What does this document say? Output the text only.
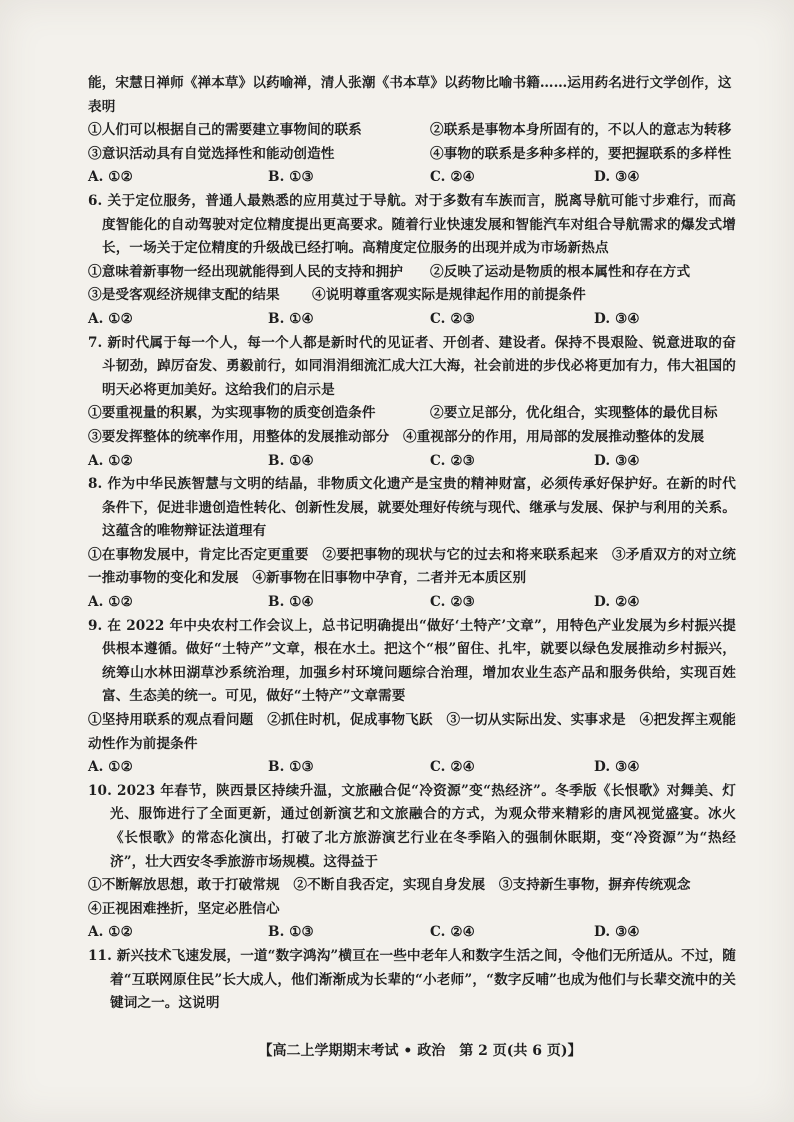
能，宋慧日禅师《禅本草》以药喻禅，清人张潮《书本草》以药物比喻书籍……运用药名进行文学创作，这
表明
①人们可以根据自己的需要建立事物间的联系	②联系是事物本身所固有的，不以人的意志为转移
③意识活动具有自觉选择性和能动创造性	④事物的联系是多种多样的，要把握联系的多样性
A. ①②	B. ①③	C. ②④	D. ③④
6. 关于定位服务，普通人最熟悉的应用莫过于导航。对于多数有车族而言，脱离导航可能寸步难行，而高度智能化的自动驾驶对定位精度提出更高要求。随着行业快速发展和智能汽车对组合导航需求的爆发式增长，一场关于定位精度的升级战已经打响。高精度定位服务的出现并成为市场新热点
①意味着新事物一经出现就能得到人民的支持和拥护	②反映了运动是物质的根本属性和存在方式
③是受客观经济规律支配的结果	④说明尊重客观实际是规律起作用的前提条件
A. ①②	B. ①④	C. ②③	D. ③④
7. 新时代属于每一个人，每一个人都是新时代的见证者、开创者、建设者。保持不畏艰险、锐意进取的奋斗韧劲，踔厉奋发、勇毅前行，如同涓涓细流汇成大江大海，社会前进的步伐必将更加有力，伟大祖国的明天必将更加美好。这给我们的启示是
①要重视量的积累，为实现事物的质变创造条件	②要立足部分，优化组合，实现整体的最优目标
③要发挥整体的统率作用，用整体的发展推动部分　 ④重视部分的作用，用局部的发展推动整体的发展
A. ①②	B. ①④	C. ②③	D. ③④
8. 作为中华民族智慧与文明的结晶，非物质文化遗产是宝贵的精神财富，必须传承好保护好。在新的时代条件下，促进非遗创造性转化、创新性发展，就要处理好传统与现代、继承与发展、保护与利用的关系。这蕴含的唯物辩证法道理有
①在事物发展中，肯定比否定更重要　 ②要把事物的现状与它的过去和将来联系起来　 ③矛盾双方的对立统一推动事物的变化和发展　 ④新事物在旧事物中孕育，二者并无本质区别
A. ①②	B. ①④	C. ②③	D. ②④
9. 在 2022 年中央农村工作会议上，总书记明确提出“做好‘土特产’文章”，用特色产业发展为乡村振兴提供根本遵循。做好“土特产”文章，根在水土。把这个“根”留住、扎牢，就要以绿色发展推动乡村振兴，统筹山水林田湖草沙系统治理，加强乡村环境问题综合治理，增加农业生态产品和服务供给，实现百姓富、生态美的统一。可见，做好“土特产”文章需要
①坚持用联系的观点看问题　 ②抓住时机，促成事物飞跃　 ③一切从实际出发、实事求是　 ④把发挥主观能动性作为前提条件
A. ①②	B. ①③	C. ②④	D. ③④
10. 2023 年春节，陕西景区持续升温，文旅融合促“冷资源”变“热经济”。冬季版《长恨歌》对舞美、灯光、服饰进行了全面更新，通过创新演艺和文旅融合的方式，为观众带来精彩的唐风视觉盛宴。冰火《长恨歌》的常态化演出，打破了北方旅游演艺行业在冬季陷入的强制休眠期，变“冷资源”为“热经济”，壮大西安冬季旅游市场规模。这得益于
①不断解放思想，敢于打破常规　 ②不断自我否定，实现自身发展　 ③支持新生事物，摒弃传统观念
④正视困难挫折，坚定必胜信心
A. ①②	B. ①③	C. ②④	D. ③④
11. 新兴技术飞速发展，一道“数字鸿沟”横亘在一些中老年人和数字生活之间，令他们无所适从。不过，随着“互联网原住民”长大成人，他们渐渐成为长辈的“小老师”，“数字反哺”也成为他们与长辈交流中的关键词之一。这说明
【高二上学期期末考试 • 政治　第 2 页(共 6 页)】
